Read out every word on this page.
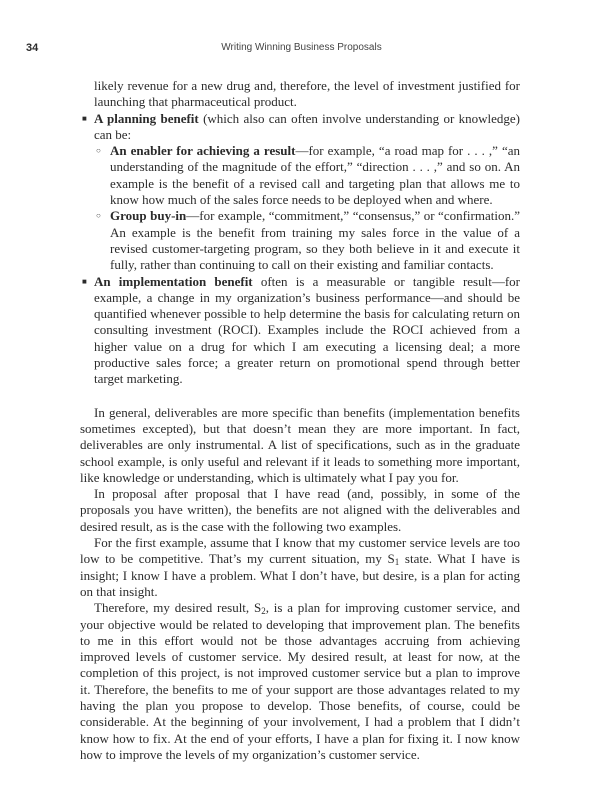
34	Writing Winning Business Proposals

likely revenue for a new drug and, therefore, the level of investment justified for launching that pharmaceutical product.

■ A planning benefit (which also can often involve understanding or knowledge) can be:
○ An enabler for achieving a result—for example, “a road map for . . . ,” “an understanding of the magnitude of the effort,” “direction . . . ,” and so on. An example is the benefit of a revised call and targeting plan that allows me to know how much of the sales force needs to be deployed when and where.
○ Group buy-in—for example, “commitment,” “consensus,” or “confirmation.” An example is the benefit from training my sales force in the value of a revised customer-targeting program, so they both believe in it and execute it fully, rather than continuing to call on their existing and familiar contacts.
■ An implementation benefit often is a measurable or tangible result—for example, a change in my organization’s business performance—and should be quantified whenever possible to help determine the basis for calculating return on consulting investment (ROCI). Examples include the ROCI achieved from a higher value on a drug for which I am executing a licensing deal; a more productive sales force; a greater return on promotional spend through better target marketing.

In general, deliverables are more specific than benefits (implementation benefits sometimes excepted), but that doesn’t mean they are more important. In fact, deliverables are only instrumental. A list of specifications, such as in the graduate school example, is only useful and relevant if it leads to something more important, like knowledge or understanding, which is ultimately what I pay you for.

In proposal after proposal that I have read (and, possibly, in some of the proposals you have written), the benefits are not aligned with the deliverables and desired result, as is the case with the following two examples.

For the first example, assume that I know that my customer service levels are too low to be competitive. That’s my current situation, my $S_1$ state. What I have is insight; I know I have a problem. What I don’t have, but desire, is a plan for acting on that insight.

Therefore, my desired result, $S_2$, is a plan for improving customer service, and your objective would be related to developing that improvement plan. The benefits to me in this effort would not be those advantages accruing from achieving improved levels of customer service. My desired result, at least for now, at the completion of this project, is not improved customer service but a plan to improve it. Therefore, the benefits to me of your support are those advantages related to my having the plan you propose to develop. Those benefits, of course, could be considerable. At the beginning of your involvement, I had a problem that I didn’t know how to fix. At the end of your efforts, I have a plan for fixing it. I now know how to improve the levels of my organization’s customer service.
